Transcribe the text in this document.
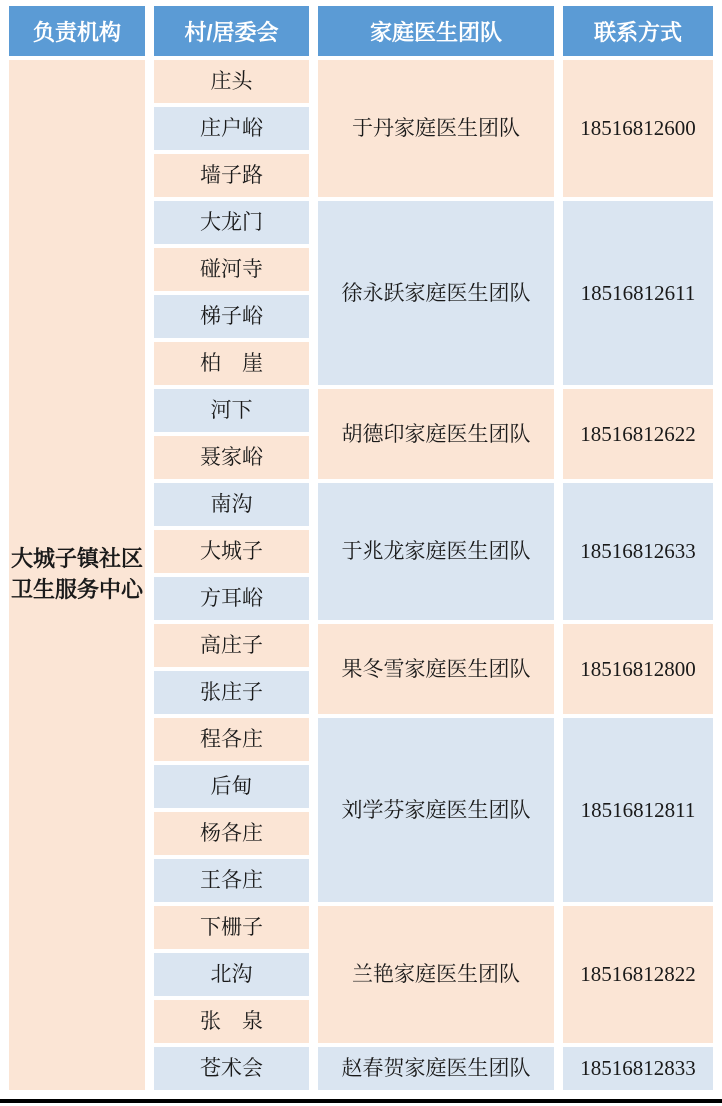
负责机构	村/居委会	家庭医生团队	联系方式

大城子镇社区
卫生服务中心	庄头	于丹家庭医生团队	18516812600
	庄户峪		
	墙子路		
	大龙门	徐永跃家庭医生团队	18516812611
	碰河寺		
	梯子峪		
	柏　崖		
	河下	胡德印家庭医生团队	18516812622
	聂家峪		
	南沟	于兆龙家庭医生团队	18516812633
	大城子		
	方耳峪		
	高庄子	果冬雪家庭医生团队	18516812800
	张庄子		
	程各庄	刘学芬家庭医生团队	18516812811
	后甸		
	杨各庄		
	王各庄		
	下栅子	兰艳家庭医生团队	18516812822
	北沟		
	张　泉		
	苍术会	赵春贺家庭医生团队	18516812833
